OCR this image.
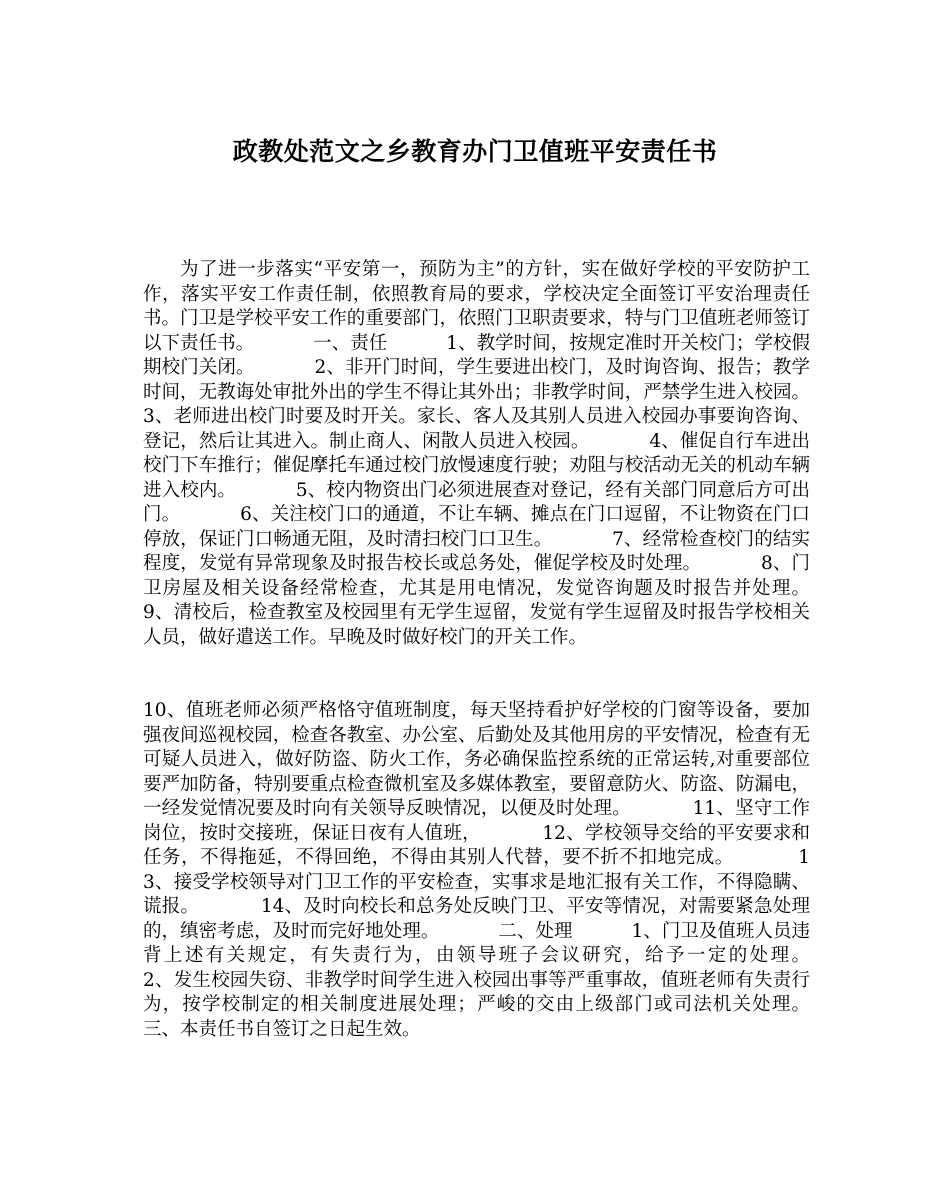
政教处范文之乡教育办门卫值班平安责任书

为了进一步落实“平安第一，预防为主”的方针，实在做好学校的平安防护工作，落实平安工作责任制，依照教育局的要求，学校决定全面签订平安治理责任书。门卫是学校平安工作的重要部门，依照门卫职责要求，特与门卫值班老师签订以下责任书。          一、责任          1、教学时间，按规定准时开关校门；学校假期校门关闭。          2、非开门时间，学生要进出校门，及时询咨询、报告；教学时间，无教诲处审批外出的学生不得让其外出；非教学时间，严禁学生进入校园。          3、老师进出校门时要及时开关。家长、客人及其别人员进入校园办事要询咨询、登记，然后让其进入。制止商人、闲散人员进入校园。          4、催促自行车进出校门下车推行；催促摩托车通过校门放慢速度行驶；劝阻与校活动无关的机动车辆进入校内。          5、校内物资出门必须进展查对登记，经有关部门同意后方可出门。          6、关注校门口的通道，不让车辆、摊点在门口逗留，不让物资在门口停放，保证门口畅通无阻，及时清扫校门口卫生。          7、经常检查校门的结实程度，发觉有异常现象及时报告校长或总务处，催促学校及时处理。          8、门卫房屋及相关设备经常检查，尤其是用电情况，发觉咨询题及时报告并处理。          9、清校后，检查教室及校园里有无学生逗留，发觉有学生逗留及时报告学校相关人员，做好遣送工作。早晚及时做好校门的开关工作。

10、值班老师必须严格恪守值班制度，每天坚持看护好学校的门窗等设备，要加强夜间巡视校园，检查各教室、办公室、后勤处及其他用房的平安情况，检查有无可疑人员进入，做好防盗、防火工作，务必确保监控系统的正常运转,对重要部位要严加防备，特别要重点检查微机室及多媒体教室，要留意防火、防盗、防漏电，一经发觉情况要及时向有关领导反映情况，以便及时处理。          11、坚守工作岗位，按时交接班，保证日夜有人值班，          12、学校领导交给的平安要求和任务，不得拖延，不得回绝，不得由其别人代替，要不折不扣地完成。          13、接受学校领导对门卫工作的平安检查，实事求是地汇报有关工作，不得隐瞒、谎报。          14、及时向校长和总务处反映门卫、平安等情况，对需要紧急处理的，缜密考虑，及时而完好地处理。          二、处理          1、门卫及值班人员违背上述有关规定，有失责行为，由领导班子会议研究，给予一定的处理。          2、发生校园失窃、非教学时间学生进入校园出事等严重事故，值班老师有失责行为，按学校制定的相关制度进展处理；严峻的交由上级部门或司法机关处理。          三、本责任书自签订之日起生效。
